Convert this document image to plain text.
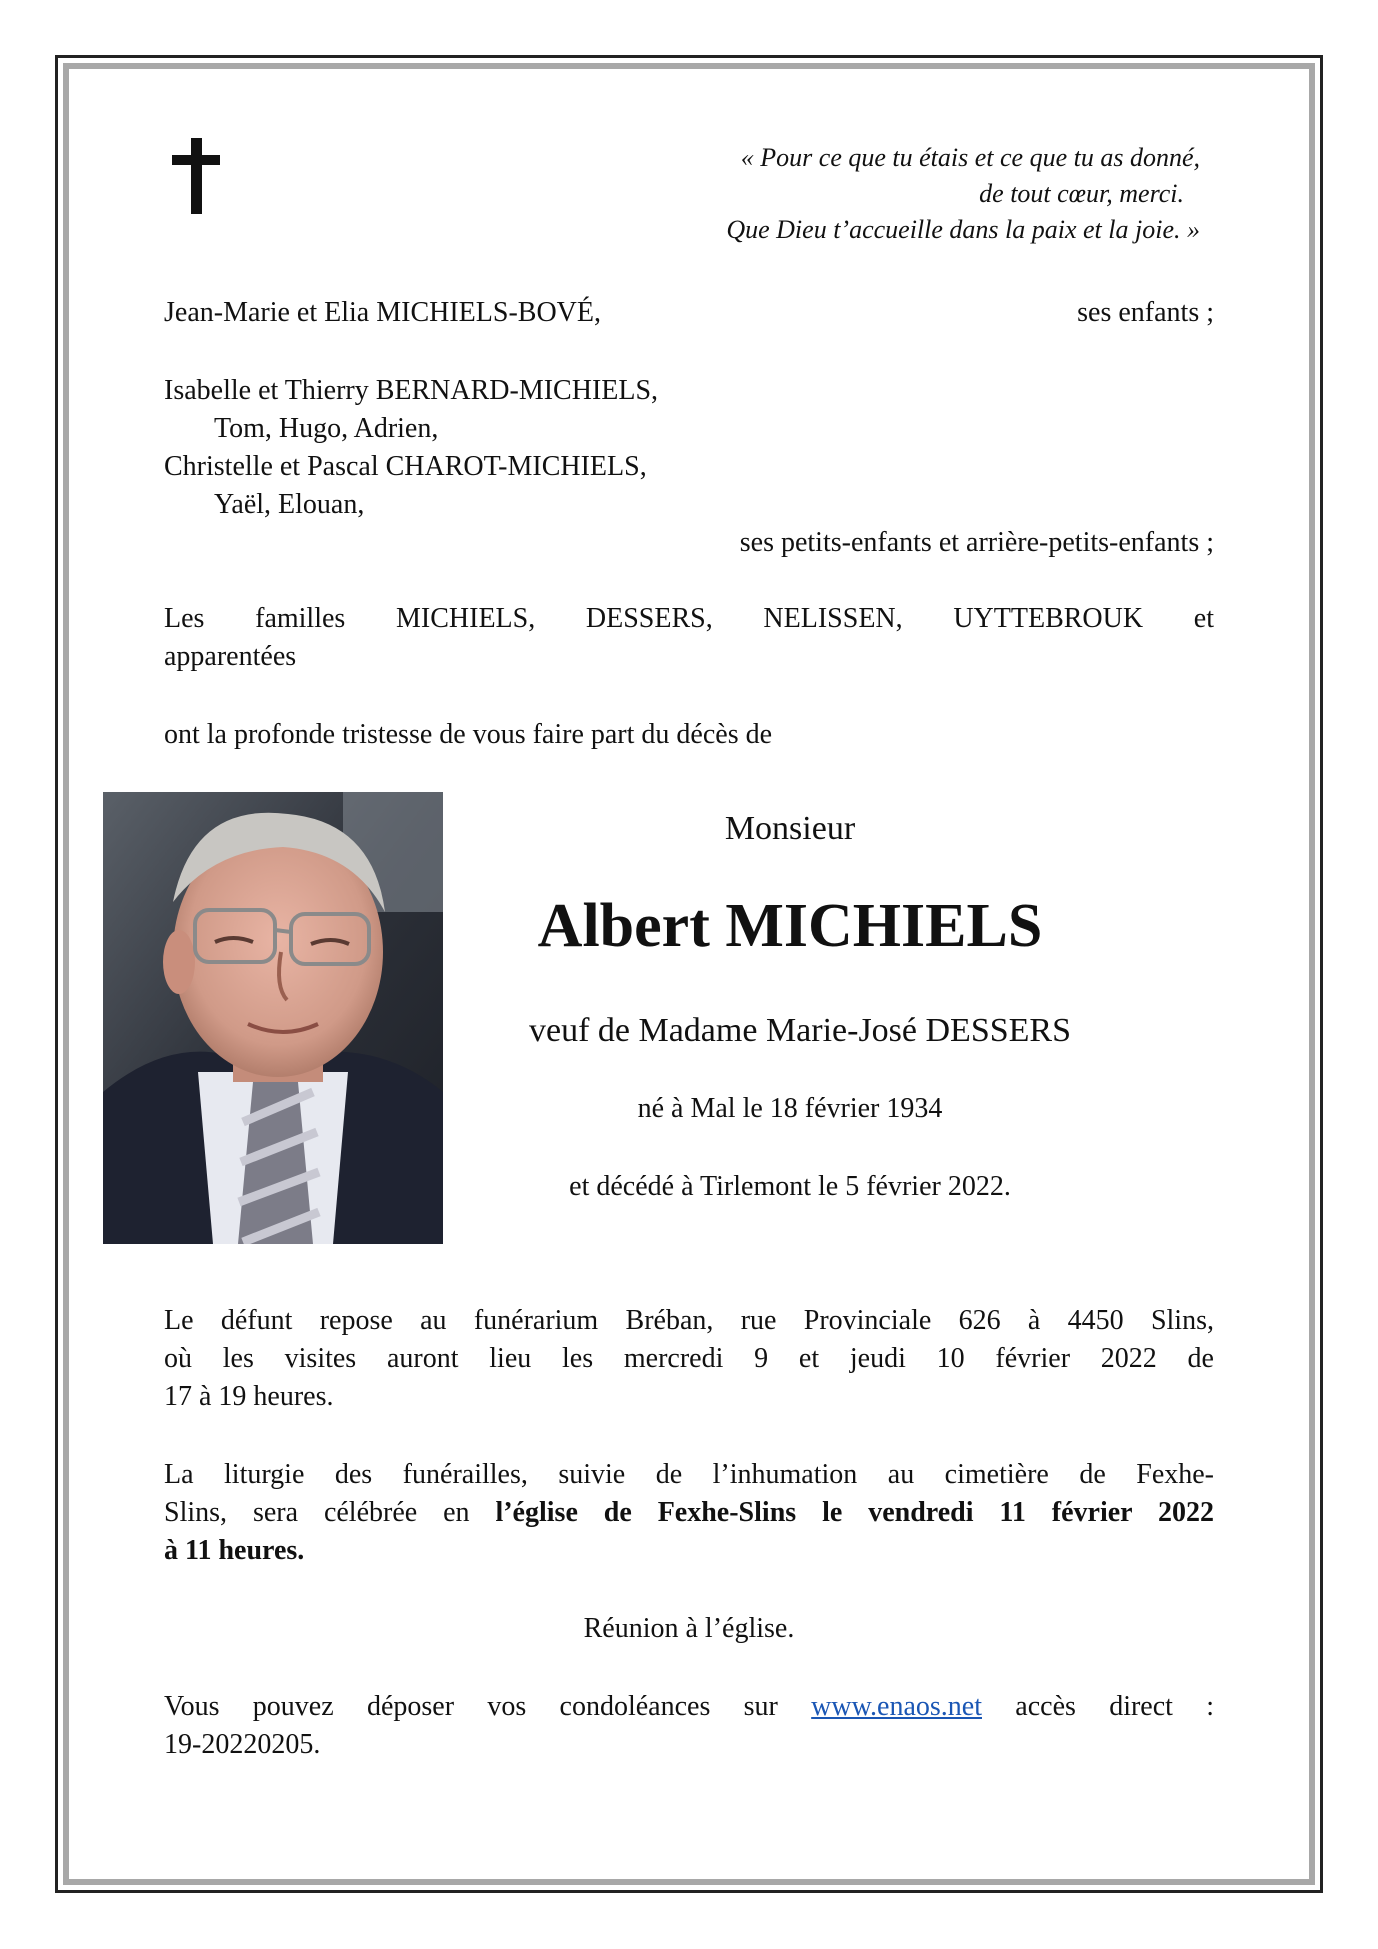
« Pour ce que tu étais et ce que tu as donné,
de tout cœur, merci.
Que Dieu t’accueille dans la paix et la joie. »
Jean-Marie et Elia MICHIELS-BOVÉ,	ses enfants ;
Isabelle et Thierry BERNARD-MICHIELS,
Tom, Hugo, Adrien,
Christelle et Pascal CHAROT-MICHIELS,
Yaël, Elouan,
ses petits-enfants et arrière-petits-enfants ;
Les familles MICHIELS, DESSERS, NELISSEN, UYTTEBROUK et
apparentées
ont la profonde tristesse de vous faire part du décès de
Monsieur
Albert MICHIELS
veuf de Madame Marie-José DESSERS
né à Mal le 18 février 1934
et décédé à Tirlemont le 5 février 2022.
Le défunt repose au funérarium Bréban, rue Provinciale 626 à 4450 Slins,
où les visites auront lieu les mercredi 9 et jeudi 10 février 2022 de
17 à 19 heures.
La liturgie des funérailles, suivie de l’inhumation au cimetière de Fexhe-
Slins, sera célébrée en l’église de Fexhe-Slins le vendredi 11 février 2022
à 11 heures.
Réunion à l’église.
Vous pouvez déposer vos condoléances sur www.enaos.net accès direct :
19-20220205.
